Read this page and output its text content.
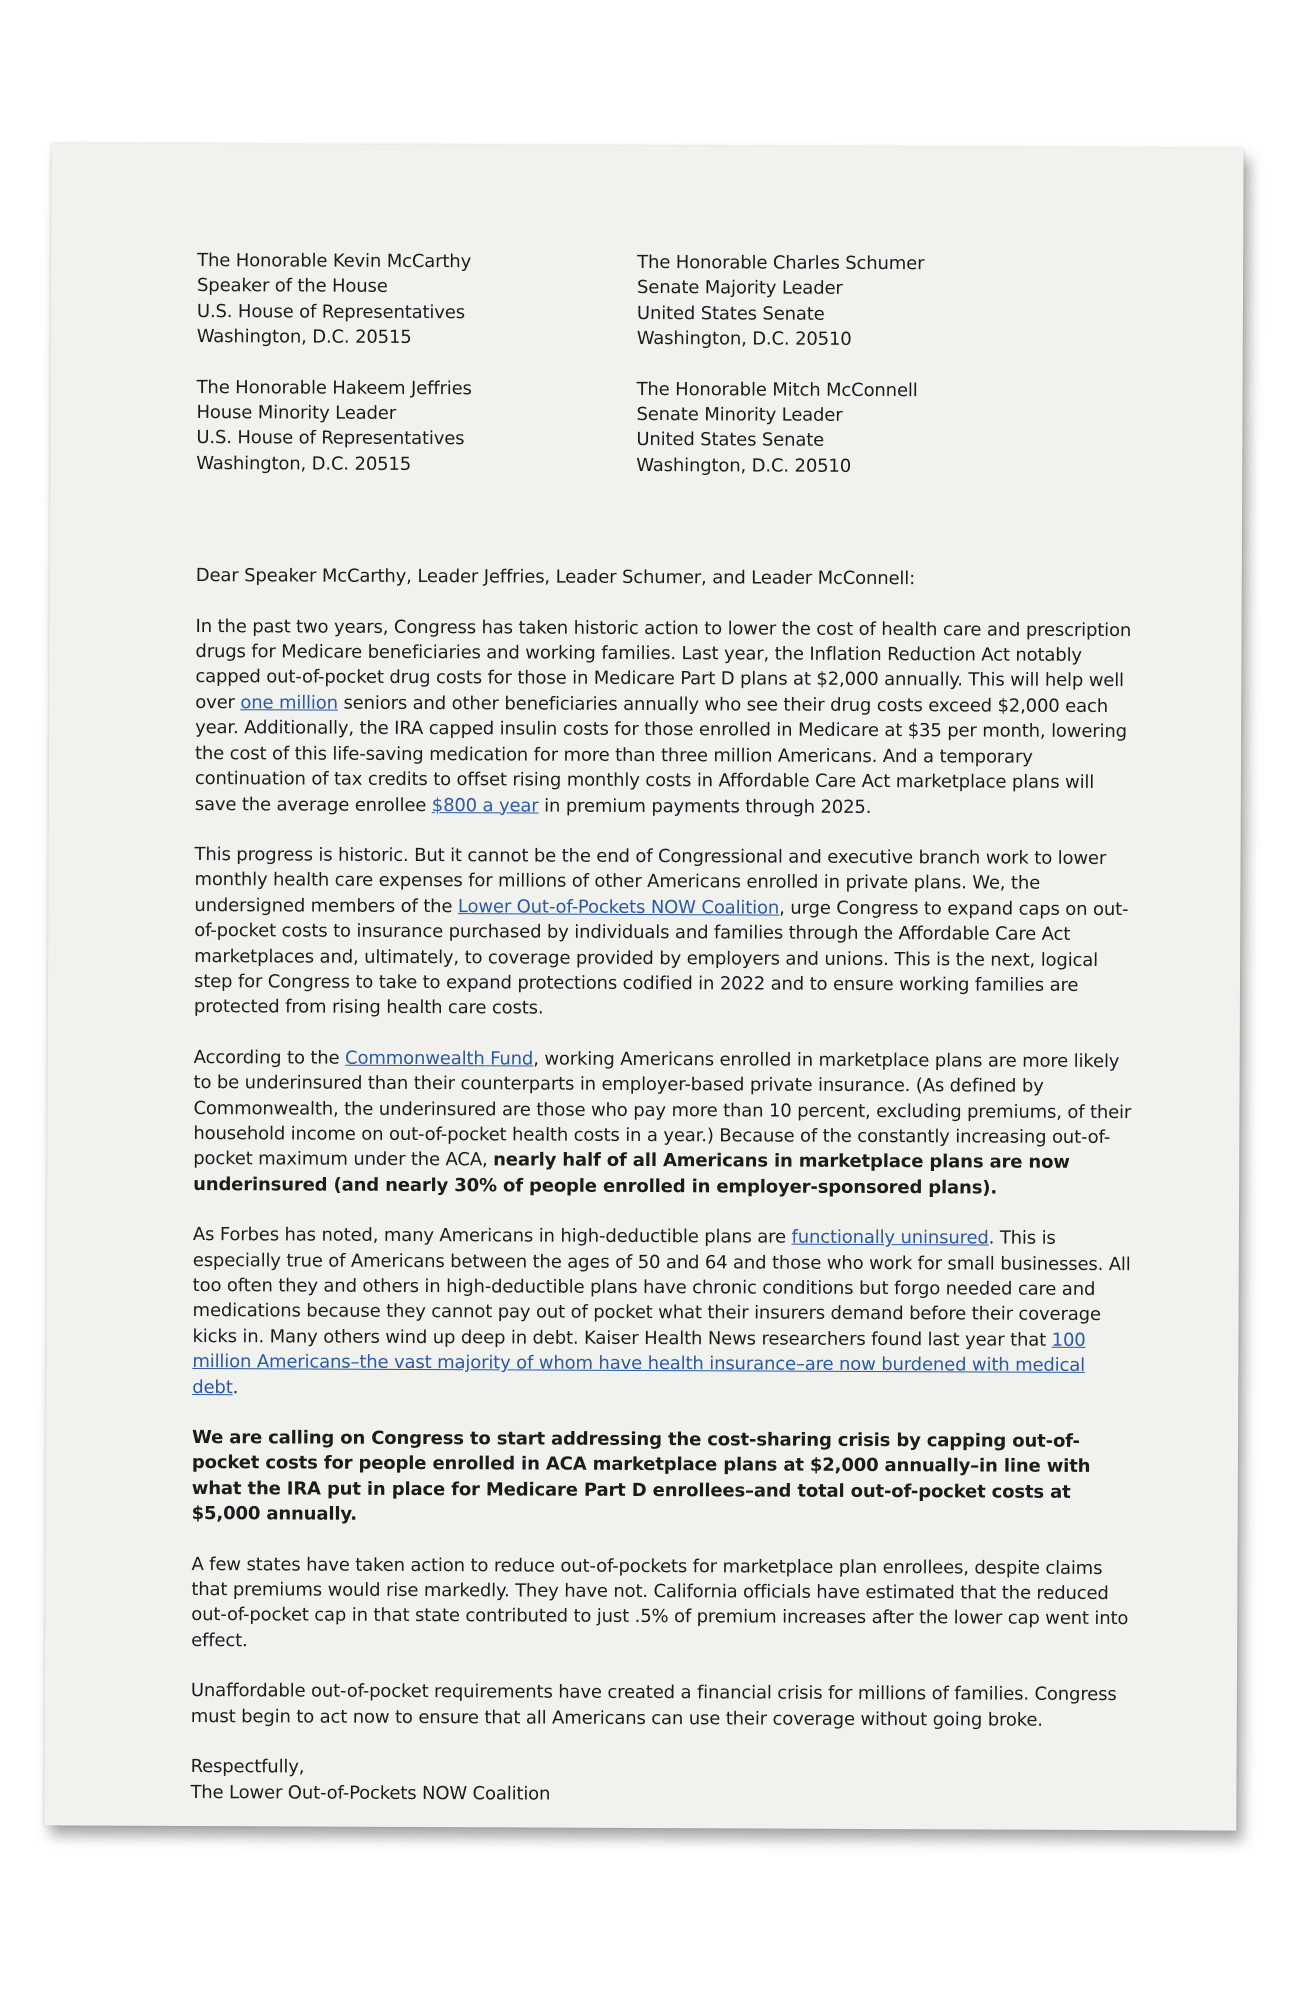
The Honorable Kevin McCarthy
Speaker of the House
U.S. House of Representatives
Washington, D.C. 20515
The Honorable Hakeem Jeffries
House Minority Leader
U.S. House of Representatives
Washington, D.C. 20515
The Honorable Charles Schumer
Senate Majority Leader
United States Senate
Washington, D.C. 20510
The Honorable Mitch McConnell
Senate Minority Leader
United States Senate
Washington, D.C. 20510
Dear Speaker McCarthy, Leader Jeffries, Leader Schumer, and Leader McConnell:

In the past two years, Congress has taken historic action to lower the cost of health care and prescription drugs for Medicare beneficiaries and working families. Last year, the Inflation Reduction Act notably capped out-of-pocket drug costs for those in Medicare Part D plans at $2,000 annually. This will help well over one million seniors and other beneficiaries annually who see their drug costs exceed $2,000 each year. Additionally, the IRA capped insulin costs for those enrolled in Medicare at $35 per month, lowering the cost of this life-saving medication for more than three million Americans. And a temporary continuation of tax credits to offset rising monthly costs in Affordable Care Act marketplace plans will save the average enrollee $800 a year in premium payments through 2025.

This progress is historic. But it cannot be the end of Congressional and executive branch work to lower monthly health care expenses for millions of other Americans enrolled in private plans. We, the undersigned members of the Lower Out-of-Pockets NOW Coalition, urge Congress to expand caps on out-of-pocket costs to insurance purchased by individuals and families through the Affordable Care Act marketplaces and, ultimately, to coverage provided by employers and unions. This is the next, logical step for Congress to take to expand protections codified in 2022 and to ensure working families are protected from rising health care costs.

According to the Commonwealth Fund, working Americans enrolled in marketplace plans are more likely to be underinsured than their counterparts in employer-based private insurance. (As defined by Commonwealth, the underinsured are those who pay more than 10 percent, excluding premiums, of their household income on out-of-pocket health costs in a year.) Because of the constantly increasing out-of-pocket maximum under the ACA, nearly half of all Americans in marketplace plans are now underinsured (and nearly 30% of people enrolled in employer-sponsored plans).

As Forbes has noted, many Americans in high-deductible plans are functionally uninsured. This is especially true of Americans between the ages of 50 and 64 and those who work for small businesses. All too often they and others in high-deductible plans have chronic conditions but forgo needed care and medications because they cannot pay out of pocket what their insurers demand before their coverage kicks in. Many others wind up deep in debt. Kaiser Health News researchers found last year that 100 million Americans–the vast majority of whom have health insurance–are now burdened with medical debt.

We are calling on Congress to start addressing the cost-sharing crisis by capping out-of-pocket costs for people enrolled in ACA marketplace plans at $2,000 annually–in line with what the IRA put in place for Medicare Part D enrollees–and total out-of-pocket costs at $5,000 annually.

A few states have taken action to reduce out-of-pockets for marketplace plan enrollees, despite claims that premiums would rise markedly. They have not. California officials have estimated that the reduced out-of-pocket cap in that state contributed to just .5% of premium increases after the lower cap went into effect.

Unaffordable out-of-pocket requirements have created a financial crisis for millions of families. Congress must begin to act now to ensure that all Americans can use their coverage without going broke.

Respectfully,
The Lower Out-of-Pockets NOW Coalition
